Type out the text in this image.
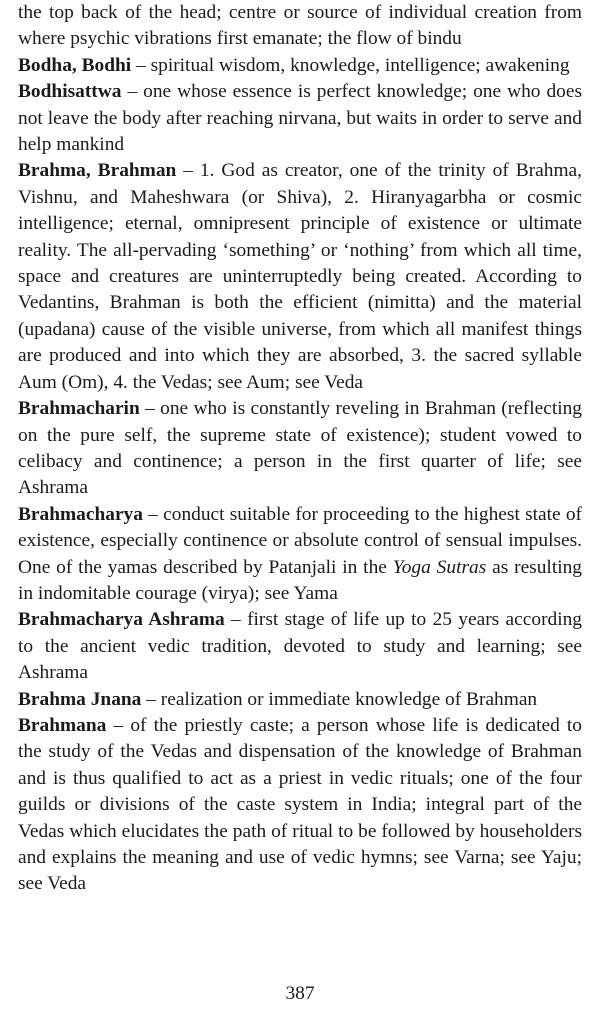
the top back of the head; centre or source of individual creation from where psychic vibrations first emanate; the flow of bindu

Bodha, Bodhi – spiritual wisdom, knowledge, intelligence; awakening

Bodhisattwa – one whose essence is perfect knowledge; one who does not leave the body after reaching nirvana, but waits in order to serve and help mankind

Brahma, Brahman – 1. God as creator, one of the trinity of Brahma, Vishnu, and Maheshwara (or Shiva), 2. Hiranyagarbha or cosmic intelligence; eternal, omnipresent principle of existence or ultimate reality. The all-pervading ‘something’ or ‘nothing’ from which all time, space and creatures are uninterruptedly being created. According to Vedantins, Brahman is both the efficient (nimitta) and the material (upadana) cause of the visible universe, from which all manifest things are produced and into which they are absorbed, 3. the sacred syllable Aum (Om), 4. the Vedas; see Aum; see Veda

Brahmacharin – one who is constantly reveling in Brahman (reflecting on the pure self, the supreme state of existence); student vowed to celibacy and continence; a person in the first quarter of life; see Ashrama

Brahmacharya – conduct suitable for proceeding to the highest state of existence, especially continence or absolute control of sensual impulses. One of the yamas described by Patanjali in the Yoga Sutras as resulting in indomitable courage (virya); see Yama

Brahmacharya Ashrama – first stage of life up to 25 years according to the ancient vedic tradition, devoted to study and learning; see Ashrama

Brahma Jnana – realization or immediate knowledge of Brahman

Brahmana – of the priestly caste; a person whose life is dedicated to the study of the Vedas and dispensation of the knowledge of Brahman and is thus qualified to act as a priest in vedic rituals; one of the four guilds or divisions of the caste system in India; integral part of the Vedas which elucidates the path of ritual to be followed by householders and explains the meaning and use of vedic hymns; see Varna; see Yaju; see Veda

387
